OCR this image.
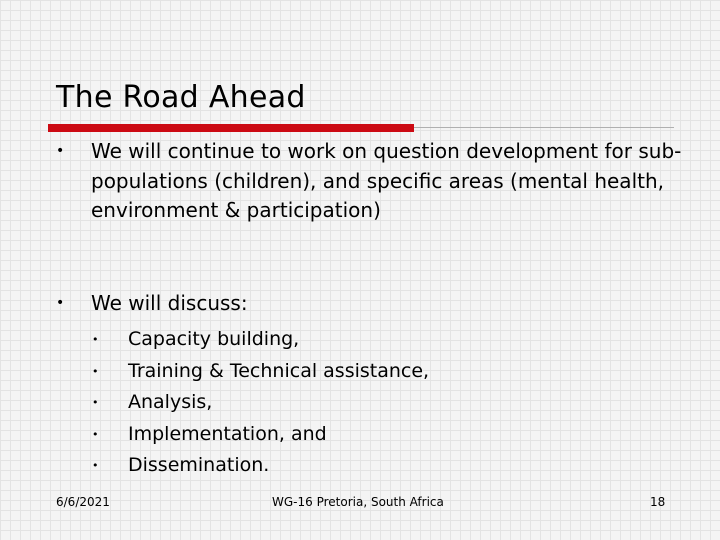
The Road Ahead
• We will continue to work on question development for sub-populations (children), and specific areas (mental health, environment & participation)
• We will discuss:
• Capacity building,
• Training & Technical assistance,
• Analysis,
• Implementation, and
• Dissemination.
6/6/2021	WG-16 Pretoria, South Africa	18
